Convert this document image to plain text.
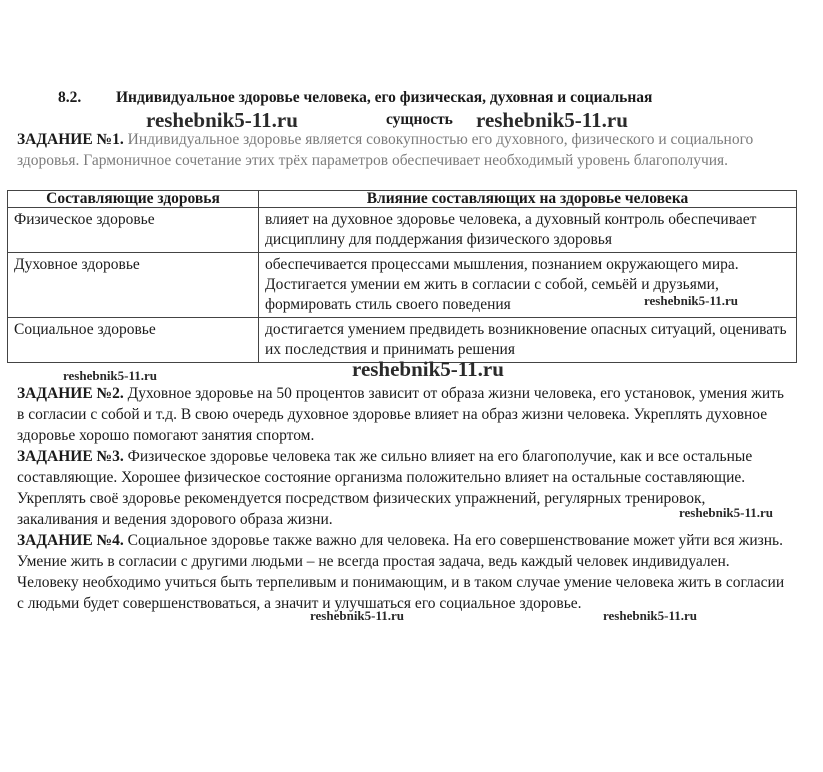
8.2. Индивидуальное здоровье человека, его физическая, духовная и социальная
сущность
ЗАДАНИЕ №1. Индивидуальное здоровье является совокупностью его духовного, физического и социального здоровья. Гармоничное сочетание этих трёх параметров обеспечивает необходимый уровень благополучия.
Составляющие здоровья	Влияние составляющих на здоровье человека
Физическое здоровье	влияет на духовное здоровье человека, а духовный контроль обеспечивает дисциплину для поддержания физического здоровья
Духовное здоровье	обеспечивается процессами мышления, познанием окружающего мира. Достигается умении ем жить в согласии с собой, семьёй и друзьями, формировать стиль своего поведения
Социальное здоровье	достигается умением предвидеть возникновение опасных ситуаций, оценивать их последствия и принимать решения
ЗАДАНИЕ №2. Духовное здоровье на 50 процентов зависит от образа жизни человека, его установок, умения жить в согласии с собой и т.д. В свою очередь духовное здоровье влияет на образ жизни человека. Укреплять духовное здоровье хорошо помогают занятия спортом.
ЗАДАНИЕ №3. Физическое здоровье человека так же сильно влияет на его благополучие, как и все остальные составляющие. Хорошее физическое состояние организма положительно влияет на остальные составляющие. Укреплять своё здоровье рекомендуется посредством физических упражнений, регулярных тренировок, закаливания и ведения здорового образа жизни.
ЗАДАНИЕ №4. Социальное здоровье также важно для человека. На его совершенствование может уйти вся жизнь. Умение жить в согласии с другими людьми – не всегда простая задача, ведь каждый человек индивидуален. Человеку необходимо учиться быть терпеливым и понимающим, и в таком случае умение человека жить в согласии с людьми будет совершенствоваться, а значит и улучшаться его социальное здоровье.
reshebnik5-11.ru	reshebnik5-11.ru
reshebnik5-11.ru
reshebnik5-11.ru
reshebnik5-11.ru
reshebnik5-11.ru
reshebnik5-11.ru	reshebnik5-11.ru
